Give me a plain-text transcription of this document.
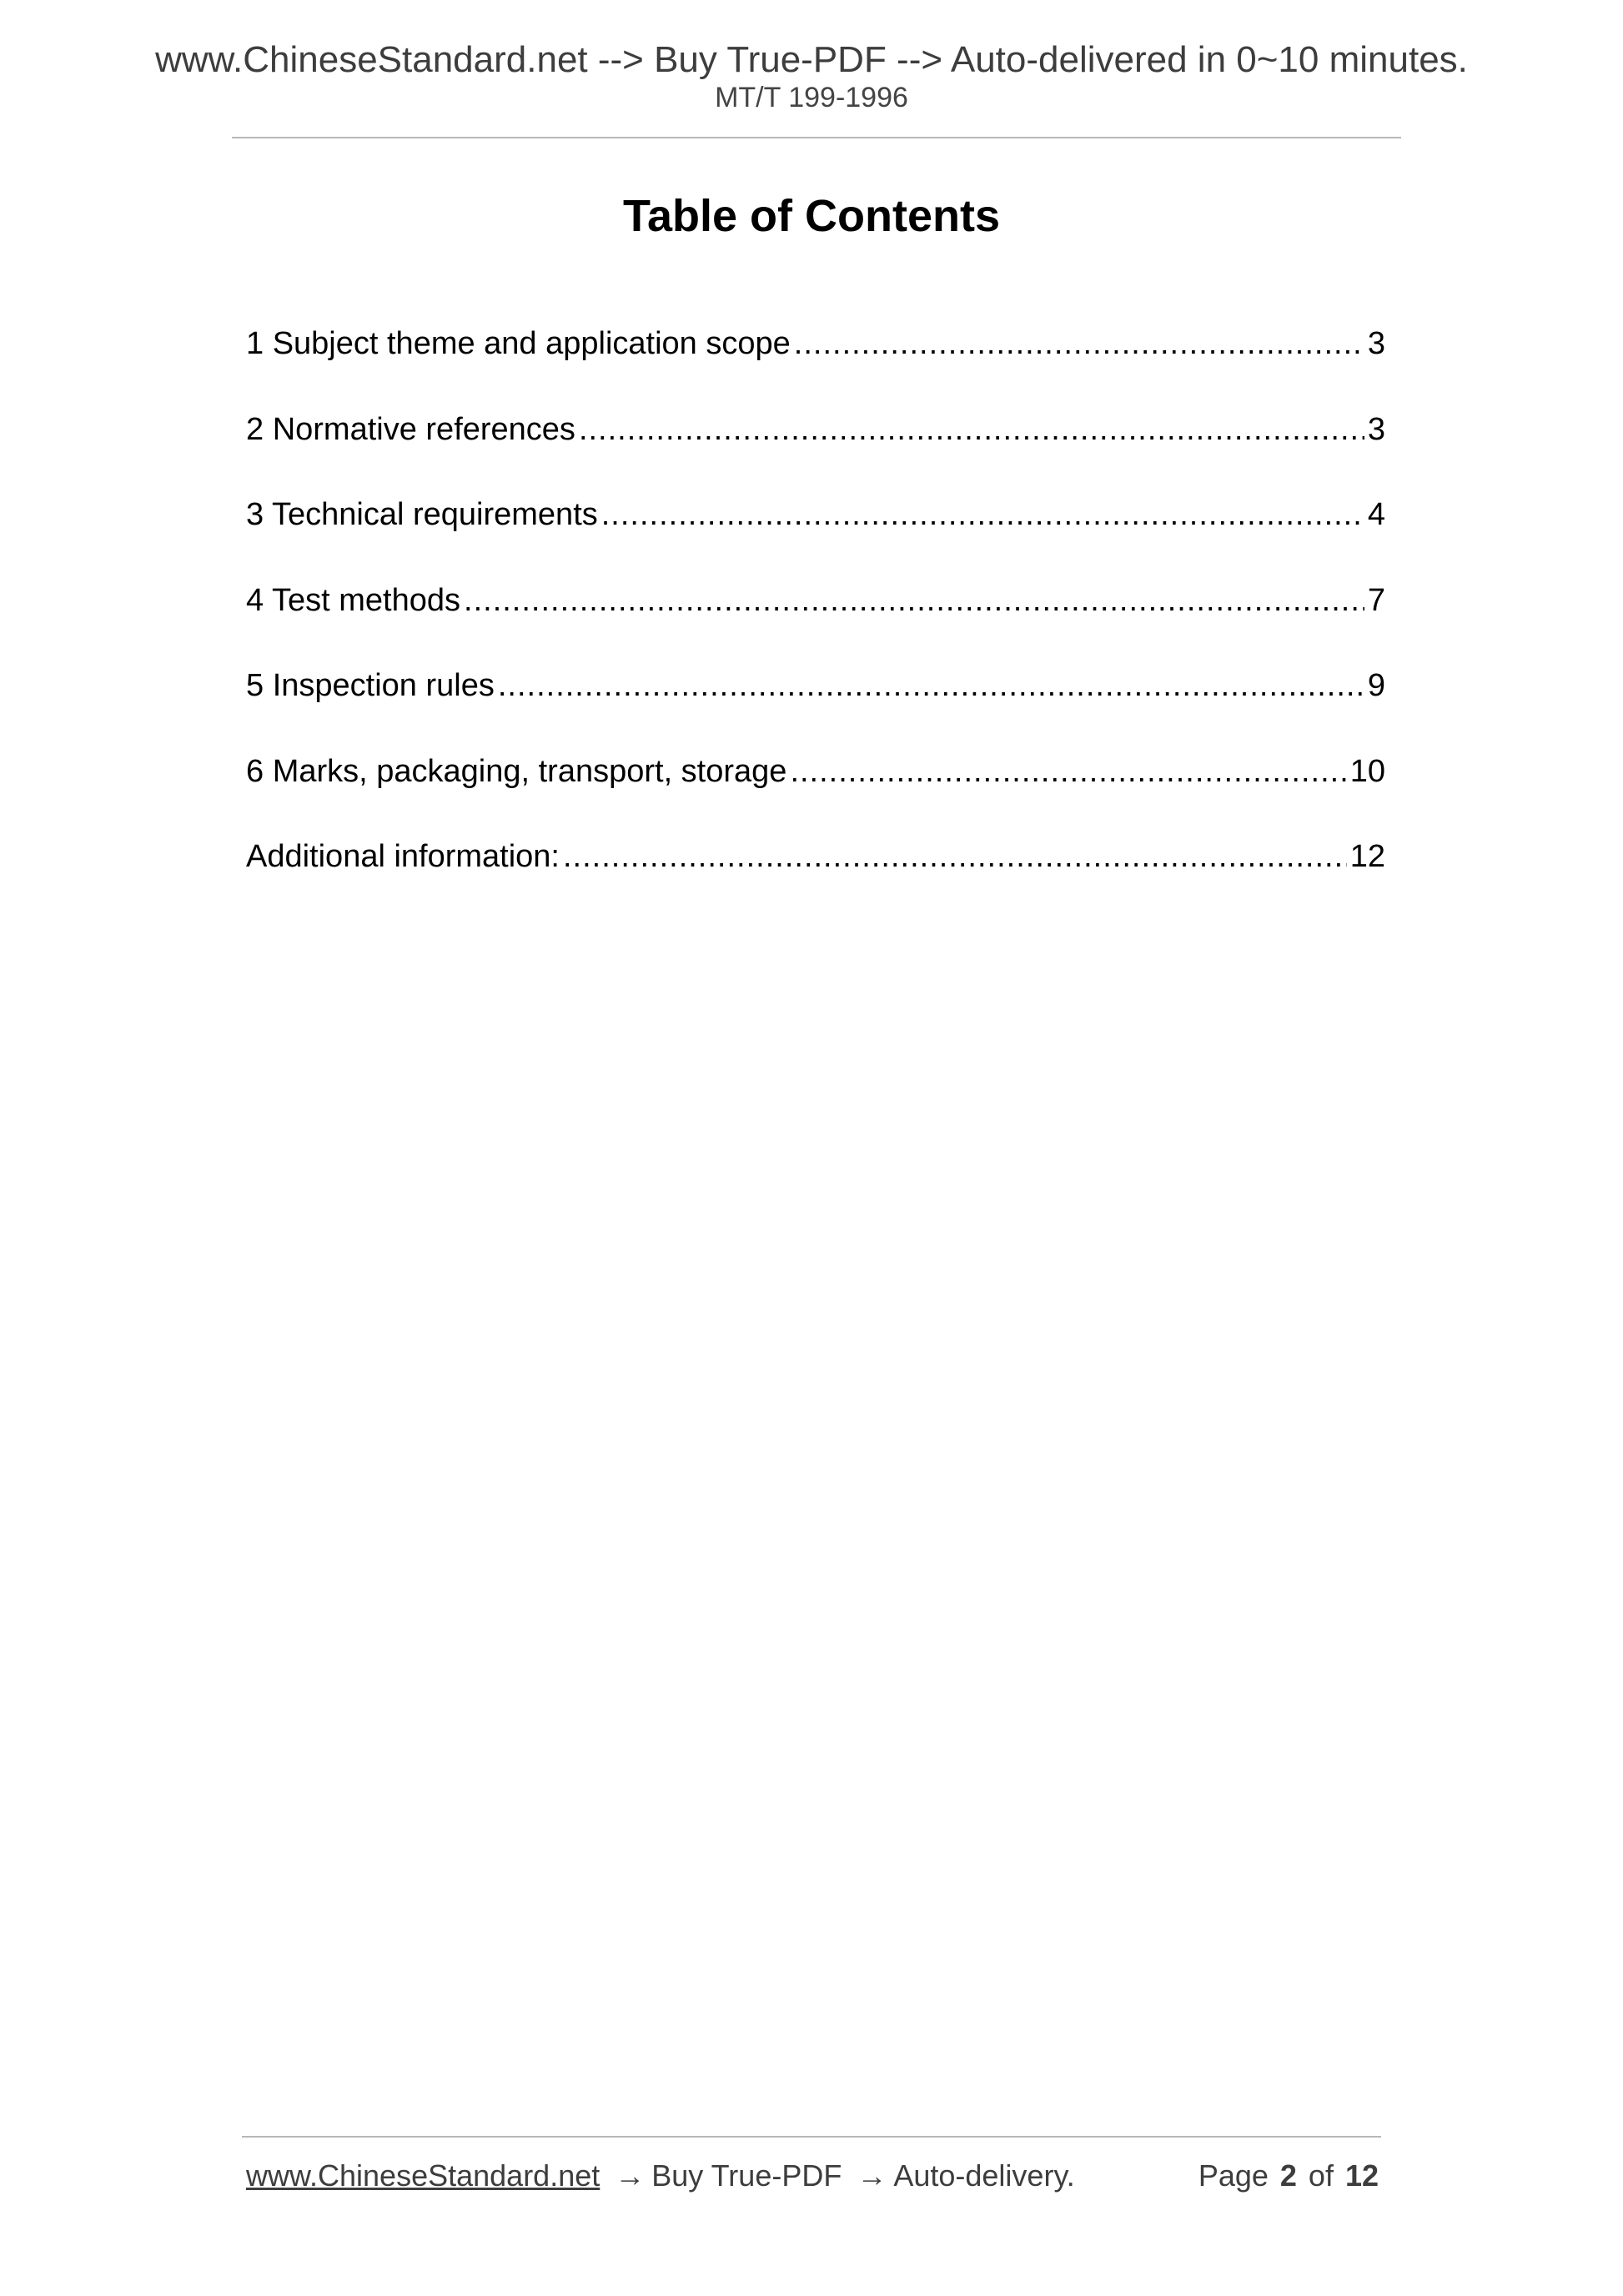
www.ChineseStandard.net --> Buy True-PDF --> Auto-delivered in 0~10 minutes.
MT/T 199-1996
Table of Contents
1 Subject theme and application scope .....	3
2 Normative references .....	3
3 Technical requirements .....	4
4 Test methods .....	7
5 Inspection rules .....	9
6 Marks, packaging, transport, storage .....	10
Additional information: .....	12
www.ChineseStandard.net → Buy True-PDF → Auto-delivery.	Page 2 of 12
